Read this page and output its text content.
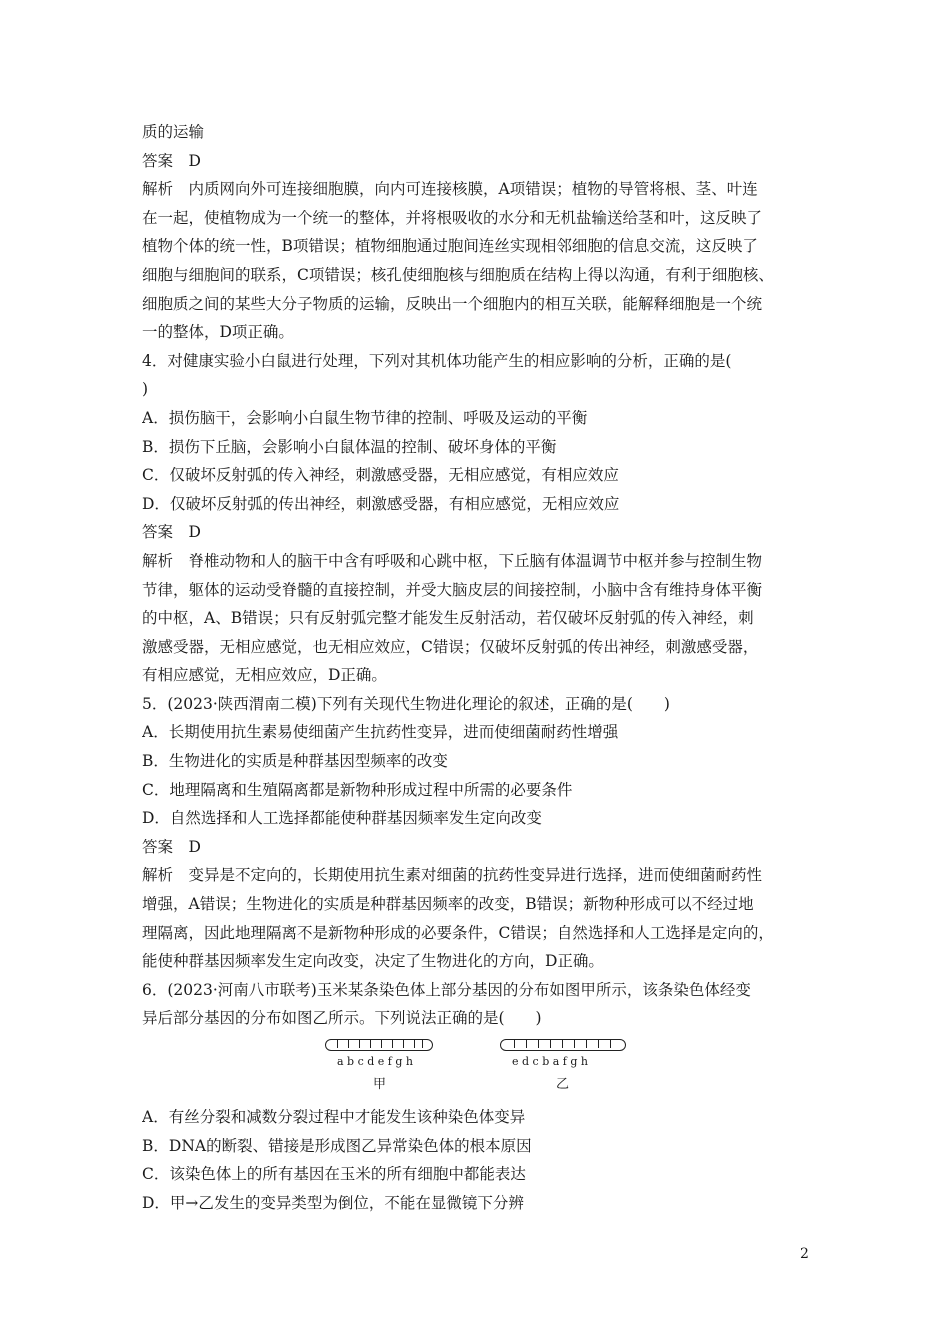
质的运输
答案　D
解析　内质网向外可连接细胞膜，向内可连接核膜，A项错误；植物的导管将根、茎、叶连
在一起，使植物成为一个统一的整体，并将根吸收的水分和无机盐输送给茎和叶，这反映了
植物个体的统一性，B项错误；植物细胞通过胞间连丝实现相邻细胞的信息交流，这反映了
细胞与细胞间的联系，C项错误；核孔使细胞核与细胞质在结构上得以沟通，有利于细胞核、
细胞质之间的某些大分子物质的运输，反映出一个细胞内的相互关联，能解释细胞是一个统
一的整体，D项正确。
4．对健康实验小白鼠进行处理，下列对其机体功能产生的相应影响的分析，正确的是(
)
A．损伤脑干，会影响小白鼠生物节律的控制、呼吸及运动的平衡
B．损伤下丘脑，会影响小白鼠体温的控制、破坏身体的平衡
C．仅破坏反射弧的传入神经，刺激感受器，无相应感觉，有相应效应
D．仅破坏反射弧的传出神经，刺激感受器，有相应感觉，无相应效应
答案　D
解析　脊椎动物和人的脑干中含有呼吸和心跳中枢，下丘脑有体温调节中枢并参与控制生物
节律，躯体的运动受脊髓的直接控制，并受大脑皮层的间接控制，小脑中含有维持身体平衡
的中枢，A、B错误；只有反射弧完整才能发生反射活动，若仅破坏反射弧的传入神经，刺
激感受器，无相应感觉，也无相应效应，C错误；仅破坏反射弧的传出神经，刺激感受器，
有相应感觉，无相应效应，D正确。
5．(2023·陕西渭南二模)下列有关现代生物进化理论的叙述，正确的是(　　)
A．长期使用抗生素易使细菌产生抗药性变异，进而使细菌耐药性增强
B．生物进化的实质是种群基因型频率的改变
C．地理隔离和生殖隔离都是新物种形成过程中所需的必要条件
D．自然选择和人工选择都能使种群基因频率发生定向改变
答案　D
解析　变异是不定向的，长期使用抗生素对细菌的抗药性变异进行选择，进而使细菌耐药性
增强，A错误；生物进化的实质是种群基因频率的改变，B错误；新物种形成可以不经过地
理隔离，因此地理隔离不是新物种形成的必要条件，C错误；自然选择和人工选择是定向的，
能使种群基因频率发生定向改变，决定了生物进化的方向，D正确。
6．(2023·河南八市联考)玉米某条染色体上部分基因的分布如图甲所示，该条染色体经变
异后部分基因的分布如图乙所示。下列说法正确的是(　　)
a b c d e f g h
甲
e d c b a f g h
乙
A．有丝分裂和减数分裂过程中才能发生该种染色体变异
B．DNA的断裂、错接是形成图乙异常染色体的根本原因
C．该染色体上的所有基因在玉米的所有细胞中都能表达
D．甲→乙发生的变异类型为倒位，不能在显微镜下分辨
2
